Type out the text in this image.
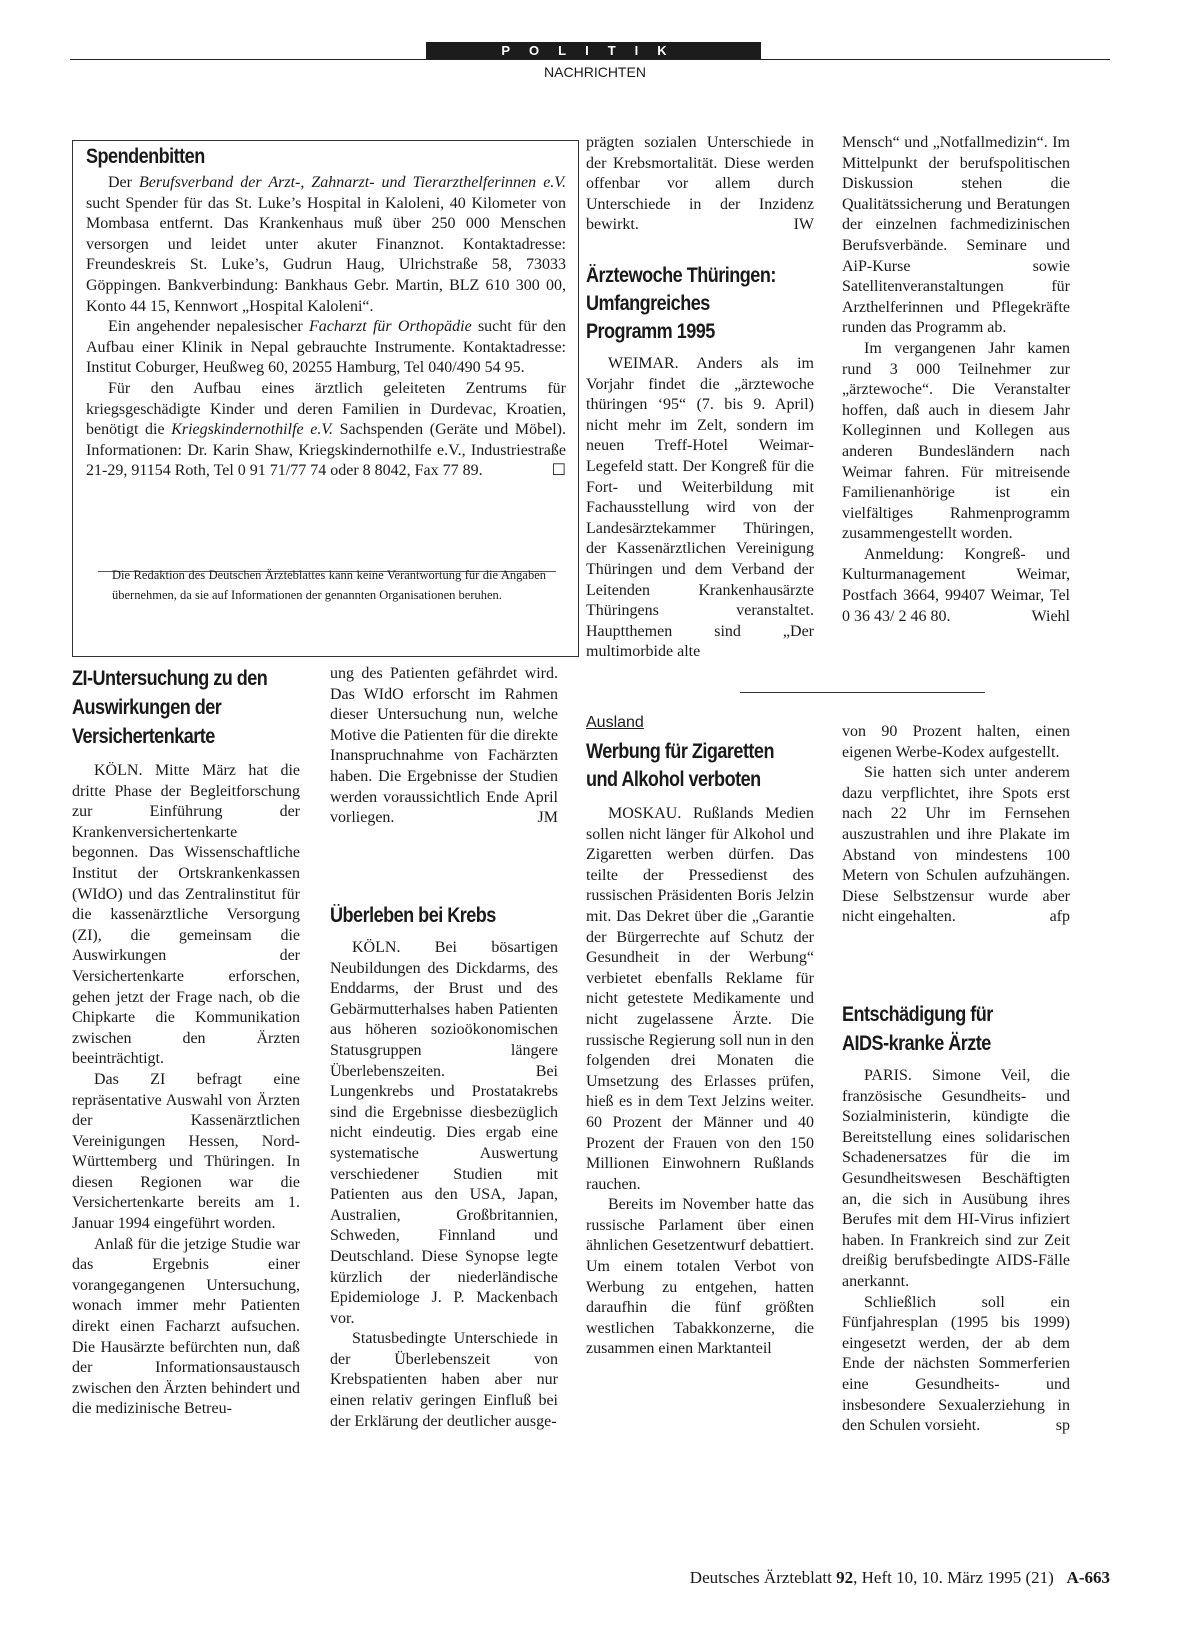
POLITIK
NACHRICHTEN
Spendenbitten

Der Berufsverband der Arzt-, Zahnarzt- und Tierarzthelferinnen e.V. sucht Spender für das St. Luke’s Hospital in Kaloleni, 40 Kilometer von Mombasa entfernt. Das Krankenhaus muß über 250 000 Menschen versorgen und leidet unter akuter Finanznot. Kontaktadresse: Freundeskreis St. Luke’s, Gudrun Haug, Ulrichstraße 58, 73033 Göppingen. Bankverbindung: Bankhaus Gebr. Martin, BLZ 610 300 00, Konto 44 15, Kennwort „Hospital Kaloleni“.

Ein angehender nepalesischer Facharzt für Orthopädie sucht für den Aufbau einer Klinik in Nepal gebrauchte Instrumente. Kontaktadresse: Institut Coburger, Heußweg 60, 20255 Hamburg, Tel 040/490 54 95.

Für den Aufbau eines ärztlich geleiteten Zentrums für kriegsgeschädigte Kinder und deren Familien in Durdevac, Kroatien, benötigt die Kriegskindernothilfe e.V. Sachspenden (Geräte und Möbel). Informationen: Dr. Karin Shaw, Kriegskindernothilfe e.V., Industriestraße 21-29, 91154 Roth, Tel 0 91 71/77 74 oder 8 8042, Fax 77 89.	☐

Die Redaktion des Deutschen Ärzteblattes kann keine Verantwortung für die Angaben übernehmen, da sie auf Informationen der genannten Organisationen beruhen.

ZI-Untersuchung zu den Auswirkungen der Versichertenkarte

KÖLN. Mitte März hat die dritte Phase der Begleitforschung zur Einführung der Krankenversichertenkarte begonnen. Das Wissenschaftliche Institut der Ortskrankenkassen (WIdO) und das Zentralinstitut für die kassenärztliche Versorgung (ZI), die gemeinsam die Auswirkungen der Versichertenkarte erforschen, gehen jetzt der Frage nach, ob die Chipkarte die Kommunikation zwischen den Ärzten beeinträchtigt.

Das ZI befragt eine repräsentative Auswahl von Ärzten der Kassenärztlichen Vereinigungen Hessen, Nord-Württemberg und Thüringen. In diesen Regionen war die Versichertenkarte bereits am 1. Januar 1994 eingeführt worden.

Anlaß für die jetzige Studie war das Ergebnis einer vorangegangenen Untersuchung, wonach immer mehr Patienten direkt einen Facharzt aufsuchen. Die Hausärzte befürchten nun, daß der Informationsaustausch zwischen den Ärzten behindert und die medizinische Betreu-

ung des Patienten gefährdet wird. Das WIdO erforscht im Rahmen dieser Untersuchung nun, welche Motive die Patienten für die direkte Inanspruchnahme von Fachärzten haben. Die Ergebnisse der Studien werden voraussichtlich Ende April vorliegen.	JM

Überleben bei Krebs

KÖLN. Bei bösartigen Neubildungen des Dickdarms, des Enddarms, der Brust und des Gebärmutterhalses haben Patienten aus höheren sozioökonomischen Statusgruppen längere Überlebenszeiten. Bei Lungenkrebs und Prostatakrebs sind die Ergebnisse diesbezüglich nicht eindeutig. Dies ergab eine systematische Auswertung verschiedener Studien mit Patienten aus den USA, Japan, Australien, Großbritannien, Schweden, Finnland und Deutschland. Diese Synopse legte kürzlich der niederländische Epidemiologe J. P. Mackenbach vor.

Statusbedingte Unterschiede in der Überlebenszeit von Krebspatienten haben aber nur einen relativ geringen Einfluß bei der Erklärung der deutlicher ausge-

prägten sozialen Unterschiede in der Krebsmortalität. Diese werden offenbar vor allem durch Unterschiede in der Inzidenz bewirkt.	IW

Ärztewoche Thüringen:
Umfangreiches
Programm 1995

WEIMAR. Anders als im Vorjahr findet die „ärztewoche thüringen ‘95“ (7. bis 9. April) nicht mehr im Zelt, sondern im neuen Treff-Hotel Weimar-Legefeld statt. Der Kongreß für die Fort- und Weiterbildung mit Fachausstellung wird von der Landesärztekammer Thüringen, der Kassenärztlichen Vereinigung Thüringen und dem Verband der Leitenden Krankenhausärzte Thüringens veranstaltet. Hauptthemen sind „Der multimorbide alte

Mensch“ und „Notfallmedizin“. Im Mittelpunkt der berufspolitischen Diskussion stehen die Qualitätssicherung und Beratungen der einzelnen fachmedizinischen Berufsverbände. Seminare und AiP-Kurse sowie Satellitenveranstaltungen für Arzthelferinnen und Pflegekräfte runden das Programm ab.

Im vergangenen Jahr kamen rund 3 000 Teilnehmer zur „ärztewoche“. Die Veranstalter hoffen, daß auch in diesem Jahr Kolleginnen und Kollegen aus anderen Bundesländern nach Weimar fahren. Für mitreisende Familienanhörige ist ein vielfältiges Rahmenprogramm zusammengestellt worden.

Anmeldung: Kongreß- und Kulturmanagement Weimar, Postfach 3664, 99407 Weimar, Tel 0 36 43/ 2 46 80.	Wiehl

Ausland
Werbung für Zigaretten und Alkohol verboten

MOSKAU. Rußlands Medien sollen nicht länger für Alkohol und Zigaretten werben dürfen. Das teilte der Pressedienst des russischen Präsidenten Boris Jelzin mit. Das Dekret über die „Garantie der Bürgerrechte auf Schutz der Gesundheit in der Werbung“ verbietet ebenfalls Reklame für nicht getestete Medikamente und nicht zugelassene Ärzte. Die russische Regierung soll nun in den folgenden drei Monaten die Umsetzung des Erlasses prüfen, hieß es in dem Text Jelzins weiter. 60 Prozent der Männer und 40 Prozent der Frauen von den 150 Millionen Einwohnern Rußlands rauchen.

Bereits im November hatte das russische Parlament über einen ähnlichen Gesetzentwurf debattiert. Um einem totalen Verbot von Werbung zu entgehen, hatten daraufhin die fünf größten westlichen Tabakkonzerne, die zusammen einen Marktanteil

von 90 Prozent halten, einen eigenen Werbe-Kodex aufgestellt.

Sie hatten sich unter anderem dazu verpflichtet, ihre Spots erst nach 22 Uhr im Fernsehen auszustrahlen und ihre Plakate im Abstand von mindestens 100 Metern von Schulen aufzuhängen. Diese Selbstzensur wurde aber nicht eingehalten.	afp

Entschädigung für AIDS-kranke Ärzte

PARIS. Simone Veil, die französische Gesundheits- und Sozialministerin, kündigte die Bereitstellung eines solidarischen Schadenersatzes für die im Gesundheitswesen Beschäftigten an, die sich in Ausübung ihres Berufes mit dem HI-Virus infiziert haben. In Frankreich sind zur Zeit dreißig berufsbedingte AIDS-Fälle anerkannt.

Schließlich soll ein Fünfjahresplan (1995 bis 1999) eingesetzt werden, der ab dem Ende der nächsten Sommerferien eine Gesundheits- und insbesondere Sexualerziehung in den Schulen vorsieht.	sp

Deutsches Ärzteblatt 92, Heft 10, 10. März 1995 (21) A-663
